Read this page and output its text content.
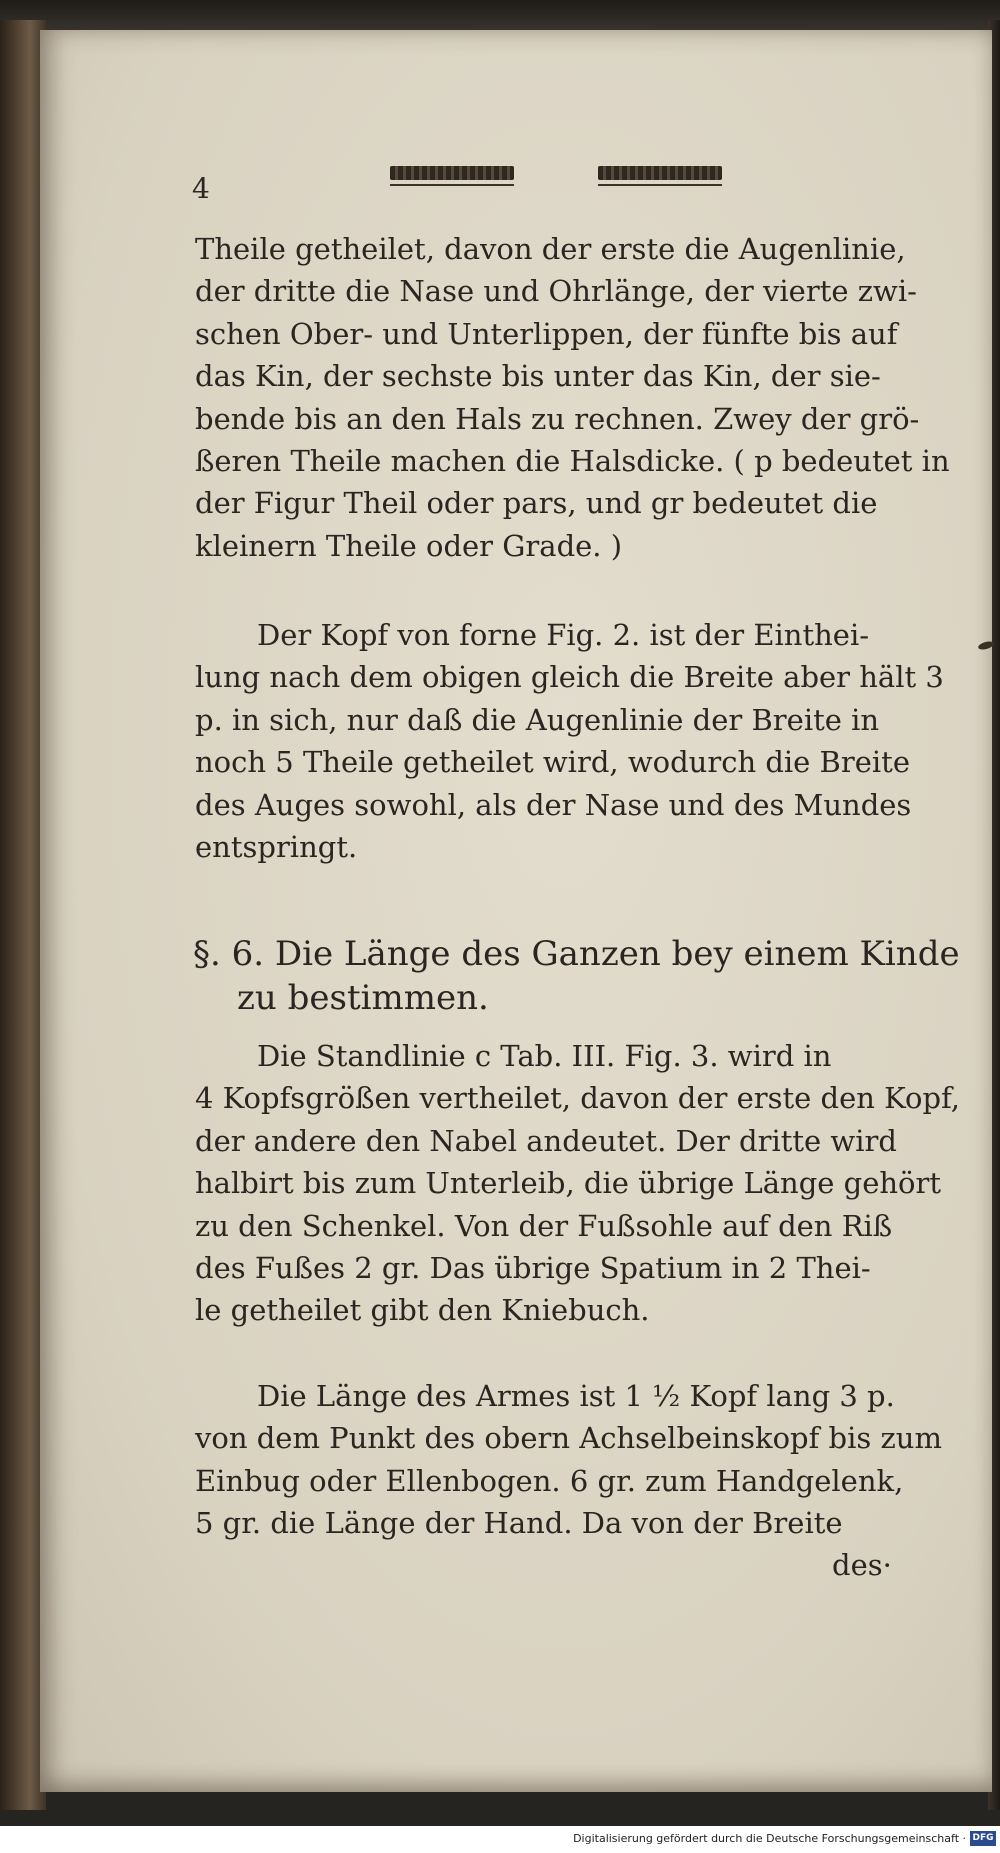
4

Theile getheilet, davon der erste die Augenlinie,

der dritte die Nase und Ohrlänge, der vierte zwi-

schen Ober- und Unterlippen, der fünfte bis auf

das Kin, der sechste bis unter das Kin, der sie-

bende bis an den Hals zu rechnen. Zwey der grö-

ßeren Theile machen die Halsdicke. ( p bedeutet in

der Figur Theil oder pars, und gr bedeutet die

kleinern Theile oder Grade. )

Der Kopf von forne Fig. 2. ist der Einthei-

lung nach dem obigen gleich die Breite aber hält 3

p. in sich, nur daß die Augenlinie der Breite in

noch 5 Theile getheilet wird, wodurch die Breite

des Auges sowohl, als der Nase und des Mundes

entspringt.

§. 6. Die Länge des Ganzen bey einem Kinde

zu bestimmen.

Die Standlinie c Tab. III. Fig. 3. wird in

4 Kopfsgrößen vertheilet, davon der erste den Kopf,

der andere den Nabel andeutet. Der dritte wird

halbirt bis zum Unterleib, die übrige Länge gehört

zu den Schenkel. Von der Fußsohle auf den Riß

des Fußes 2 gr. Das übrige Spatium in 2 Thei-

le getheilet gibt den Kniebuch.

Die Länge des Armes ist 1 ½ Kopf lang 3 p.

von dem Punkt des obern Achselbeinskopf bis zum

Einbug oder Ellenbogen. 6 gr. zum Handgelenk,

5 gr. die Länge der Hand. Da von der Breite

des·
Digitalisierung gefördert durch die Deutsche Forschungsgemeinschaft · DFG
